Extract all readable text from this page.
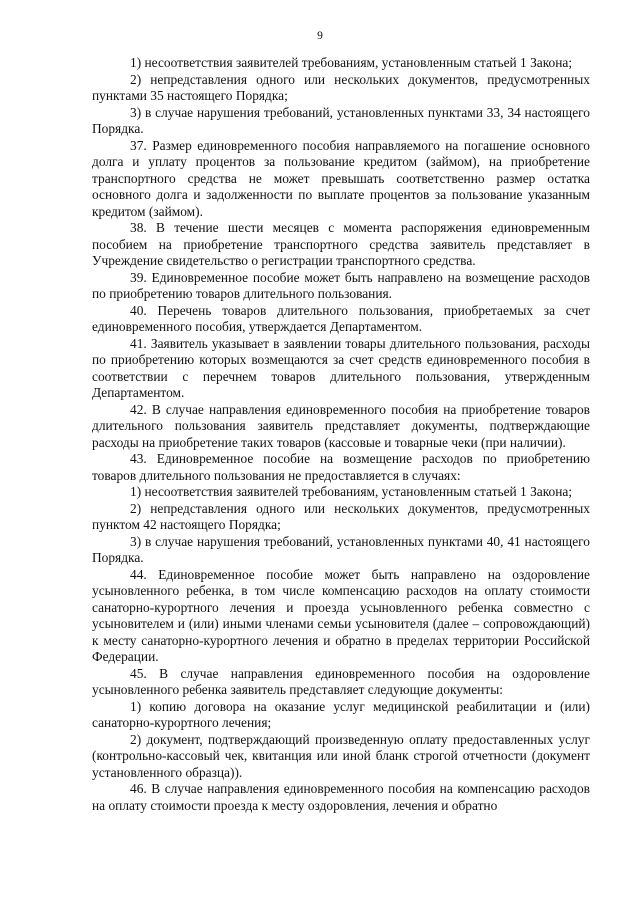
9

1) несоответствия заявителей требованиям, установленным статьей 1 Закона;

2) непредставления одного или нескольких документов, предусмотренных пунктами 35 настоящего Порядка;

3) в случае нарушения требований, установленных пунктами 33, 34 настоящего Порядка.

37. Размер единовременного пособия направляемого на погашение основного долга и уплату процентов за пользование кредитом (займом), на приобретение транспортного средства не может превышать соответственно размер остатка основного долга и задолженности по выплате процентов за пользование указанным кредитом (займом).

38. В течение шести месяцев с момента распоряжения единовременным пособием на приобретение транспортного средства заявитель представляет в Учреждение свидетельство о регистрации транспортного средства.

39. Единовременное пособие может быть направлено на возмещение расходов по приобретению товаров длительного пользования.

40. Перечень товаров длительного пользования, приобретаемых за счет единовременного пособия, утверждается Департаментом.

41. Заявитель указывает в заявлении товары длительного пользования, расходы по приобретению которых возмещаются за счет средств единовременного пособия в соответствии с перечнем товаров длительного пользования, утвержденным Департаментом.

42. В случае направления единовременного пособия на приобретение товаров длительного пользования заявитель представляет документы, подтверждающие расходы на приобретение таких товаров (кассовые и товарные чеки (при наличии).

43. Единовременное пособие на возмещение расходов по приобретению товаров длительного пользования не предоставляется в случаях:

1) несоответствия заявителей требованиям, установленным статьей 1 Закона;

2) непредставления одного или нескольких документов, предусмотренных пунктом 42 настоящего Порядка;

3) в случае нарушения требований, установленных пунктами 40, 41 настоящего Порядка.

44. Единовременное пособие может быть направлено на оздоровление усыновленного ребенка, в том числе компенсацию расходов на оплату стоимости санаторно-курортного лечения и проезда усыновленного ребенка совместно с усыновителем и (или) иными членами семьи усыновителя (далее – сопровождающий) к месту санаторно-курортного лечения и обратно в пределах территории Российской Федерации.

45. В случае направления единовременного пособия на оздоровление усыновленного ребенка заявитель представляет следующие документы:

1) копию договора на оказание услуг медицинской реабилитации и (или) санаторно-курортного лечения;

2) документ, подтверждающий произведенную оплату предоставленных услуг (контрольно-кассовый чек, квитанция или иной бланк строгой отчетности (документ установленного образца)).

46. В случае направления единовременного пособия на компенсацию расходов на оплату стоимости проезда к месту оздоровления, лечения и обратно
